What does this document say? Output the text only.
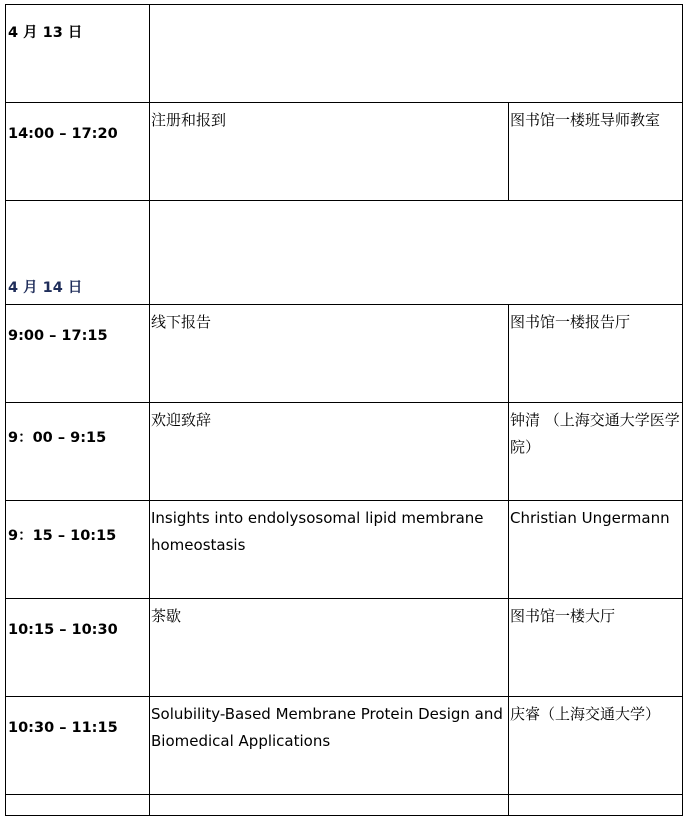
4 月 13 日		

14:00 – 17:20	注册和报到	图书馆一楼班导师教室

4 月 14 日		

9:00 – 17:15	线下报告	图书馆一楼报告厅

9：00 – 9:15	欢迎致辞	钟清 （上海交通大学医学院）

9：15 – 10:15	Insights into endolysosomal lipid membrane homeostasis	Christian Ungermann

10:15 – 10:30	茶歇	图书馆一楼大厅

10:30 – 11:15	Solubility-Based Membrane Protein Design and Biomedical Applications	庆睿（上海交通大学）
